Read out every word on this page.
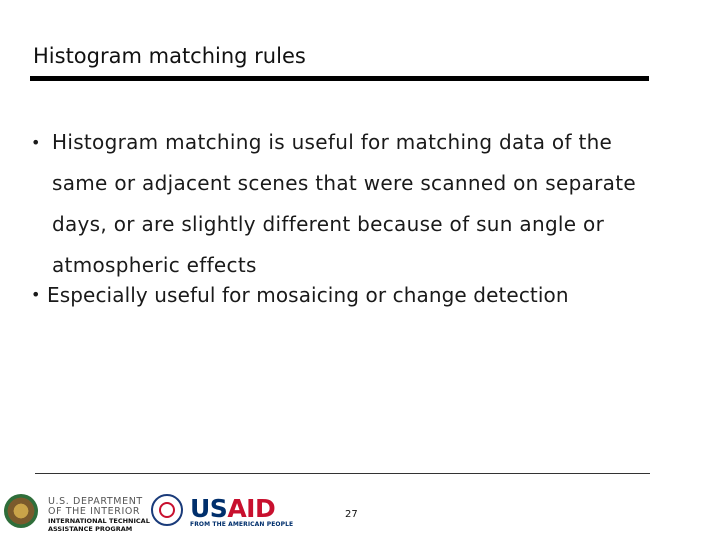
Histogram matching rules
• Histogram matching is useful for matching data of the same or adjacent scenes that were scanned on separate days, or are slightly different because of sun angle or atmospheric effects
• Especially useful for mosaicing or change detection
U.S. DEPARTMENT
OF THE INTERIOR
INTERNATIONAL TECHNICAL
ASSISTANCE PROGRAM
USAID
FROM THE AMERICAN PEOPLE
27
